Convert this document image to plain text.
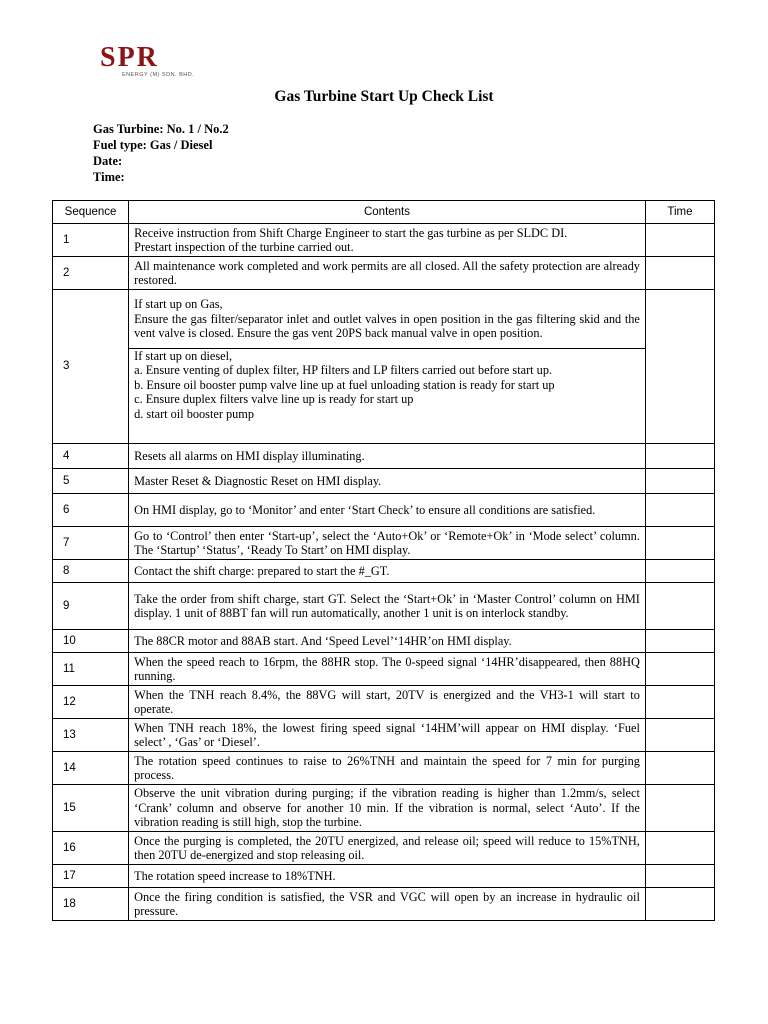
SPR
ENERGY (M) SDN. BHD.
Gas Turbine Start Up Check List
Gas Turbine: No. 1 / No.2
Fuel type: Gas / Diesel
Date:
Time:
Sequence	Contents	Time
1	Receive instruction from Shift Charge Engineer to start the gas turbine as per SLDC DI.
Prestart inspection of the turbine carried out.	

2	All maintenance work completed and work permits are all closed. All the safety protection are already restored.	

3	If start up on Gas,
Ensure the gas filter/separator inlet and outlet valves in open position in the gas filtering skid and the vent valve is closed. Ensure the gas vent 20PS back manual valve in open position.	

	If start up on diesel,
a. Ensure venting of duplex filter, HP filters and LP filters carried out before start up.
b. Ensure oil booster pump valve line up at fuel unloading station is ready for start up
c. Ensure duplex filters valve line up is ready for start up
d. start oil booster pump	

4	Resets all alarms on HMI display illuminating.	

5	Master Reset & Diagnostic Reset on HMI display.	

6	On HMI display, go to ‘Monitor’ and enter ‘Start Check’ to ensure all conditions are satisfied.	

7	Go to ‘Control’ then enter ‘Start-up’, select the ‘Auto+Ok’ or ‘Remote+Ok’ in ‘Mode select’ column. The ‘Startup’ ‘Status’, ‘Ready To Start’ on HMI display.	

8	Contact the shift charge: prepared to start the #_GT.	

9	Take the order from shift charge, start GT. Select the ‘Start+Ok’ in ‘Master Control’ column on HMI display. 1 unit of 88BT fan will run automatically, another 1 unit is on interlock standby.	

10	The 88CR motor and 88AB start. And ‘Speed Level’‘14HR’on HMI display.	

11	When the speed reach to 16rpm, the 88HR stop. The 0-speed signal ‘14HR’disappeared, then 88HQ running.	

12	When the TNH reach 8.4%, the 88VG will start, 20TV is energized and the VH3-1 will start to operate.	

13	When TNH reach 18%, the lowest firing speed signal ‘14HM’will appear on HMI display. ‘Fuel select’ , ‘Gas’ or ‘Diesel’.	

14	The rotation speed continues to raise to 26%TNH and maintain the speed for 7 min for purging process.	

15	Observe the unit vibration during purging; if the vibration reading is higher than 1.2mm/s, select ‘Crank’ column and observe for another 10 min. If the vibration is normal, select ‘Auto’. If the vibration reading is still high, stop the turbine.	

16	Once the purging is completed, the 20TU energized, and release oil; speed will reduce to 15%TNH, then 20TU de-energized and stop releasing oil.	

17	The rotation speed increase to 18%TNH.	

18	Once the firing condition is satisfied, the VSR and VGC will open by an increase in hydraulic oil pressure.	
